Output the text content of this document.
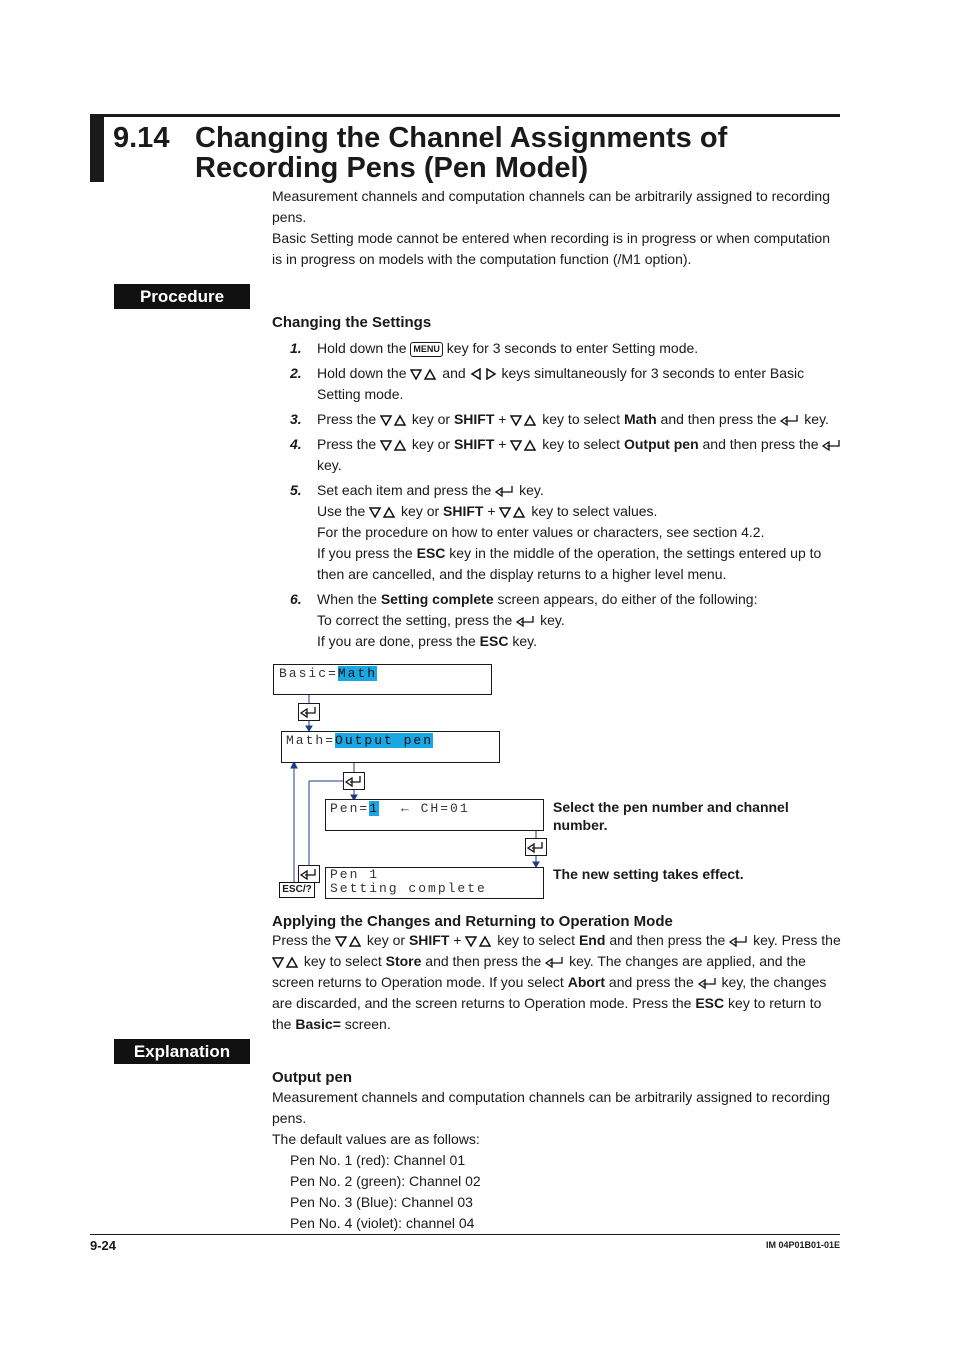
9.14 Changing the Channel Assignments of
Recording Pens (Pen Model)
Measurement channels and computation channels can be arbitrarily assigned to recording pens.
Basic Setting mode cannot be entered when recording is in progress or when computation is in progress on models with the computation function (/M1 option).
Procedure
Changing the Settings
1. Hold down the MENU key for 3 seconds to enter Setting mode.
2. Hold down the	and	keys simultaneously for 3 seconds to enter Basic Setting mode.
3. Press the	key or SHIFT +	key to select Math and then press the key.
4. Press the	key or SHIFT +	key to select Output pen and then press the  key.
5. Set each item and press the key.
Use the	key or SHIFT +	key to select values.
For the procedure on how to enter values or characters, see section 4.2.
If you press the ESC key in the middle of the operation, the settings entered up to then are cancelled, and the display returns to a higher level menu.
6. When the Setting complete screen appears, do either of the following:
To correct the setting, press the key.
If you are done, press the ESC key.
Basic=Math
Math=Output pen
Pen=1 ← CH=01	Select the pen number and channel number.
The new setting takes effect.
ESC/?
Pen 1
Setting complete
Applying the Changes and Returning to Operation Mode
Press the	key or SHIFT +	key to select End and then press the key. Press the  key to select Store and then press the key. The changes are applied, and the screen returns to Operation mode. If you select Abort and press the key, the changes are discarded, and the screen returns to Operation mode. Press the ESC key to return to the Basic= screen.
Explanation
Output pen
Measurement channels and computation channels can be arbitrarily assigned to recording pens.
The default values are as follows:
Pen No. 1 (red): Channel 01
Pen No. 2 (green): Channel 02
Pen No. 3 (Blue): Channel 03
Pen No. 4 (violet): channel 04
9-24	IM 04P01B01-01E
